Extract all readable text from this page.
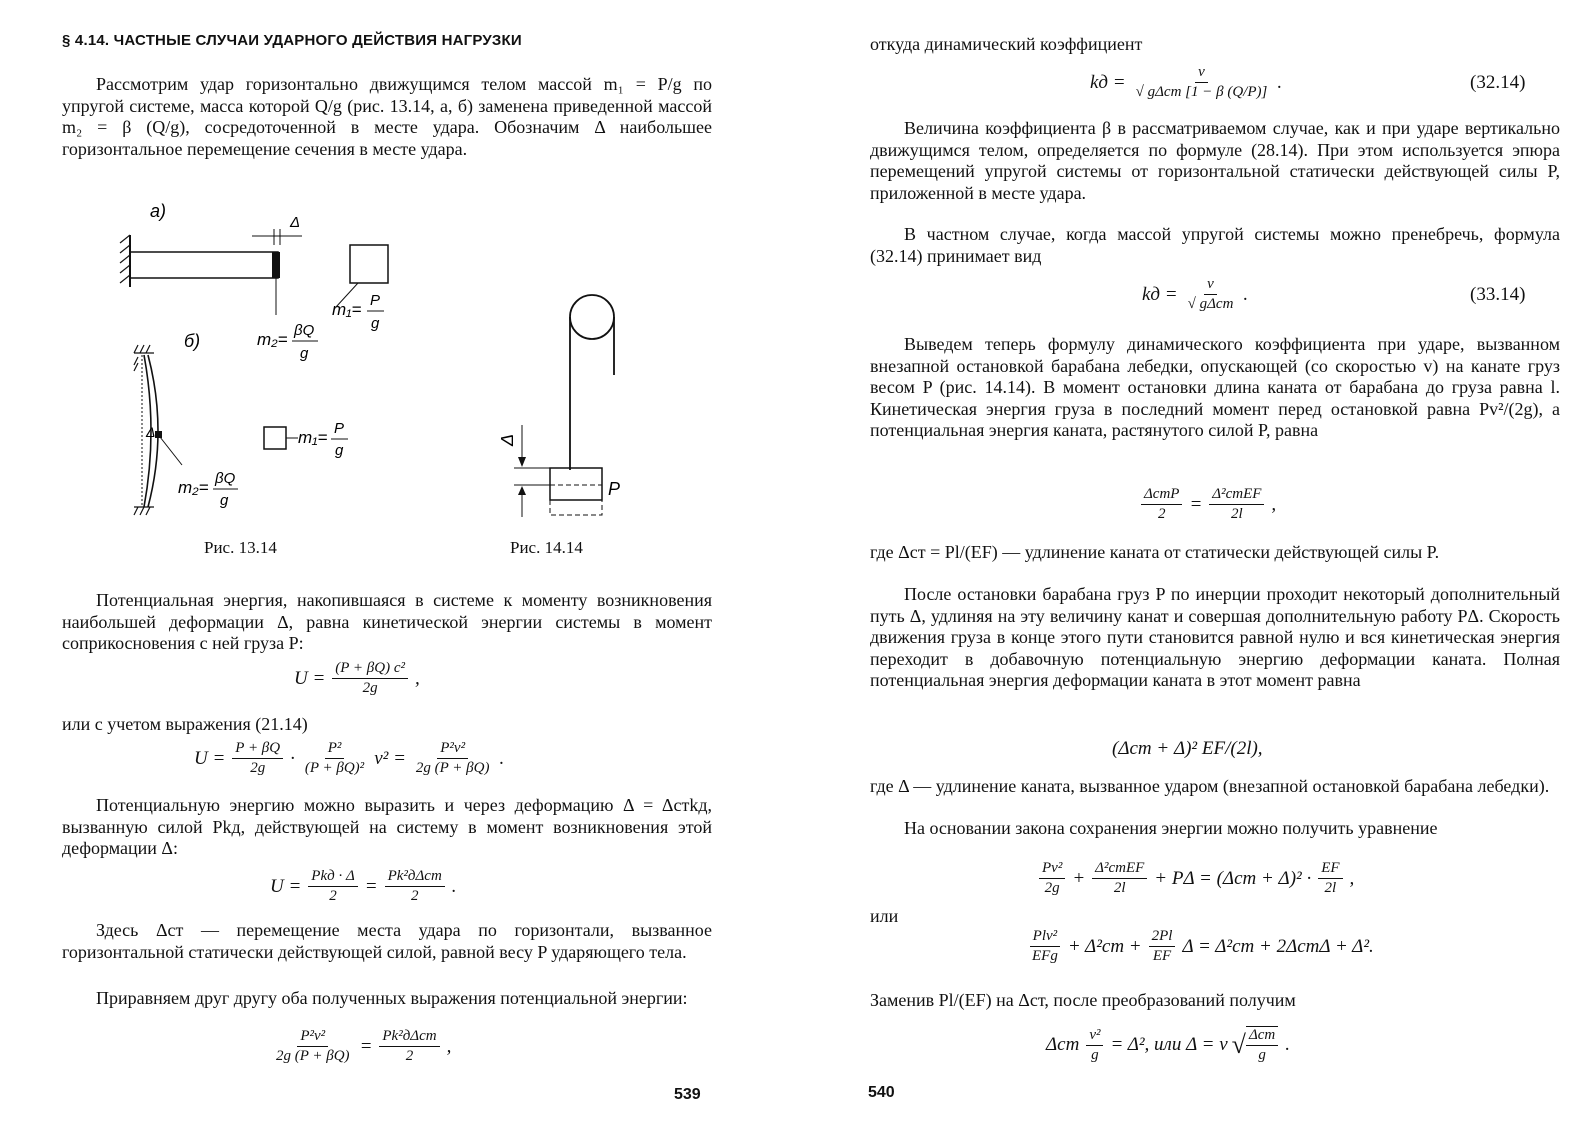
§ 4.14. ЧАСТНЫЕ СЛУЧАИ УДАРНОГО ДЕЙСТВИЯ НАГРУЗКИ
Рассмотрим удар горизонтально движущимся телом массой m₁ = P/g по упругой системе, масса которой Q/g (рис. 13.14, а, б) заменена приведенной массой m₂ = β (Q/g), сосредоточенной в месте удара. Обозначим Δ наибольшее горизонтальное перемещение сечения в месте удара.
а)
Δ
m₂= βQ
g
m₁= P
g
б)
Δ
m₂= βQ
g
m₁= P
g
Δ
P
Рис. 13.14	Рис. 14.14
Потенциальная энергия, накопившаяся в системе к моменту возникновения наибольшей деформации Δ, равна кинетической энергии системы в момент соприкосновения с ней груза P:
$U = \frac{\text{(P + βQ) c²}}{2g}$ ,
или с учетом выражения (21.14)
$U = \frac{P + \beta Q}{2g} \cdot \frac{\text{P²}}{\text{(P + βQ)²}} v^2 = \frac{\text{P²v²}}{2g (P + \beta Q)}$ .
Потенциальную энергию можно выразить и через деформацию Δ = Δстkд, вызванную силой Pkд, действующей на систему в момент возникновения этой деформации Δ:
$U = \frac{\text{Pkд · Δ}}{2} = \frac{\text{Pk²дΔст}}{2}$ .
Здесь Δст — перемещение места удара по горизонтали, вызванное горизонтальной статически действующей силой, равной весу P ударяющего тела.
Приравняем друг другу оба полученных выражения потенциальной энергии:
$\frac{\text{P²v²}}{2g (P + \beta Q)} = \frac{\text{Pk²дΔст}}{2}$ ,
539
откуда динамический коэффициент
kд = $\frac{v}{\text{√ gΔст [1 − β (Q/P)]}}$ .	(32.14)
Величина коэффициента β в рассматриваемом случае, как и при ударе вертикально движущимся телом, определяется по формуле (28.14). При этом используется эпюра перемещений упругой системы от горизонтальной статически действующей силы P, приложенной в месте удара.
В частном случае, когда массой упругой системы можно пренебречь, формула (32.14) принимает вид
kд = $\frac{v}{\text{√ gΔст}}$ .	(33.14)
Выведем теперь формулу динамического коэффициента при ударе, вызванном внезапной остановкой барабана лебедки, опускающей (со скоростью v) на канате груз весом P (рис. 14.14). В момент остановки длина каната от барабана до груза равна l. Кинетическая энергия груза в последний момент перед остановкой равна Pv²/(2g), а потенциальная энергия каната, растянутого силой P, равна
$\frac{\text{ΔстP}}{2} = \frac{\text{Δ²стEF}}{2l}$ ,
где Δст = Pl/(EF) — удлинение каната от статически действующей силы P.
После остановки барабана груз P по инерции проходит некоторый дополнительный путь Δ, удлиняя на эту величину канат и совершая дополнительную работу PΔ. Скорость движения груза в конце этого пути становится равной нулю и вся кинетическая энергия переходит в добавочную потенциальную энергию деформации каната. Полная потенциальная энергия деформации каната в этот момент равна
(Δст + Δ)² EF/(2l),
где Δ — удлинение каната, вызванное ударом (внезапной остановкой барабана лебедки).
На основании закона сохранения энергии можно получить уравнение
$\frac{\text{Pv²}}{2g} + \frac{\text{Δ²стEF}}{2l} + P\Delta = (\Delta ст + \Delta)^2 \cdot \frac{EF}{2l}$ ,
или
$\frac{\text{Plv²}}{\text{EFg}} + \Delta^2ст + \frac{2Pl}{EF}$ Δ = Δ²ст + 2ΔстΔ + Δ².
Заменив Pl/(EF) на Δст, после преобразований получим
Δст $\frac{\text{v²}}{g} = \Delta^2$, или Δ = v √ $\frac{\text{Δст}}{g}$ .
540
